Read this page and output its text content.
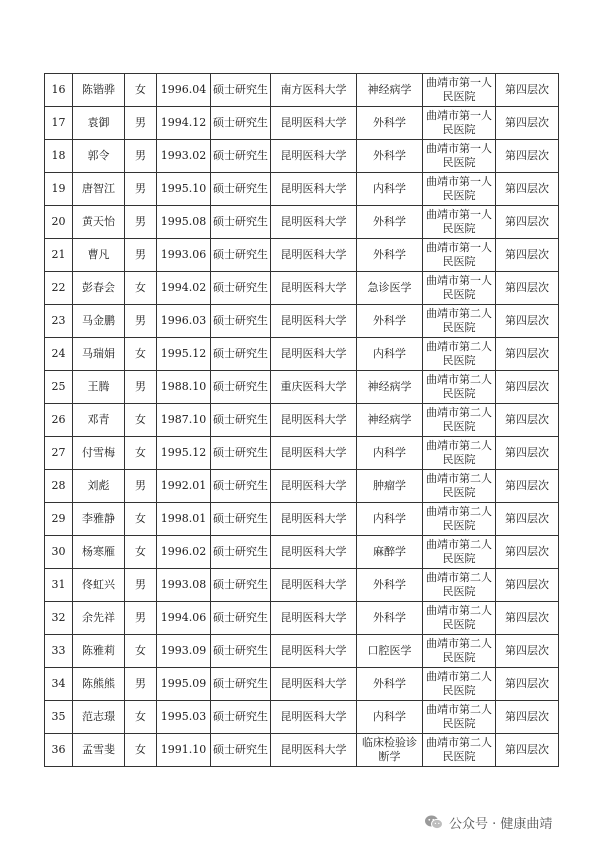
16	陈锴骅	女	1996.04	硕士研究生	南方医科大学	神经病学	曲靖市第一人民医院	第四层次
17	袁御	男	1994.12	硕士研究生	昆明医科大学	外科学	曲靖市第一人民医院	第四层次
18	郭令	男	1993.02	硕士研究生	昆明医科大学	外科学	曲靖市第一人民医院	第四层次
19	唐智江	男	1995.10	硕士研究生	昆明医科大学	内科学	曲靖市第一人民医院	第四层次
20	黄天怡	男	1995.08	硕士研究生	昆明医科大学	外科学	曲靖市第一人民医院	第四层次
21	曹凡	男	1993.06	硕士研究生	昆明医科大学	外科学	曲靖市第一人民医院	第四层次
22	彭春会	女	1994.02	硕士研究生	昆明医科大学	急诊医学	曲靖市第一人民医院	第四层次
23	马金鹏	男	1996.03	硕士研究生	昆明医科大学	外科学	曲靖市第二人民医院	第四层次
24	马瑞娟	女	1995.12	硕士研究生	昆明医科大学	内科学	曲靖市第二人民医院	第四层次
25	王腾	男	1988.10	硕士研究生	重庆医科大学	神经病学	曲靖市第二人民医院	第四层次
26	邓青	女	1987.10	硕士研究生	昆明医科大学	神经病学	曲靖市第二人民医院	第四层次
27	付雪梅	女	1995.12	硕士研究生	昆明医科大学	内科学	曲靖市第二人民医院	第四层次
28	刘彪	男	1992.01	硕士研究生	昆明医科大学	肿瘤学	曲靖市第二人民医院	第四层次
29	李雅静	女	1998.01	硕士研究生	昆明医科大学	内科学	曲靖市第二人民医院	第四层次
30	杨寒雁	女	1996.02	硕士研究生	昆明医科大学	麻醉学	曲靖市第二人民医院	第四层次
31	佟虹兴	男	1993.08	硕士研究生	昆明医科大学	外科学	曲靖市第二人民医院	第四层次
32	余先祥	男	1994.06	硕士研究生	昆明医科大学	外科学	曲靖市第二人民医院	第四层次
33	陈雅莉	女	1993.09	硕士研究生	昆明医科大学	口腔医学	曲靖市第二人民医院	第四层次
34	陈熊熊	男	1995.09	硕士研究生	昆明医科大学	外科学	曲靖市第二人民医院	第四层次
35	范志璟	女	1995.03	硕士研究生	昆明医科大学	内科学	曲靖市第二人民医院	第四层次
36	孟雪斐	女	1991.10	硕士研究生	昆明医科大学	临床检验诊断学	曲靖市第二人民医院	第四层次
公众号 · 健康曲靖
